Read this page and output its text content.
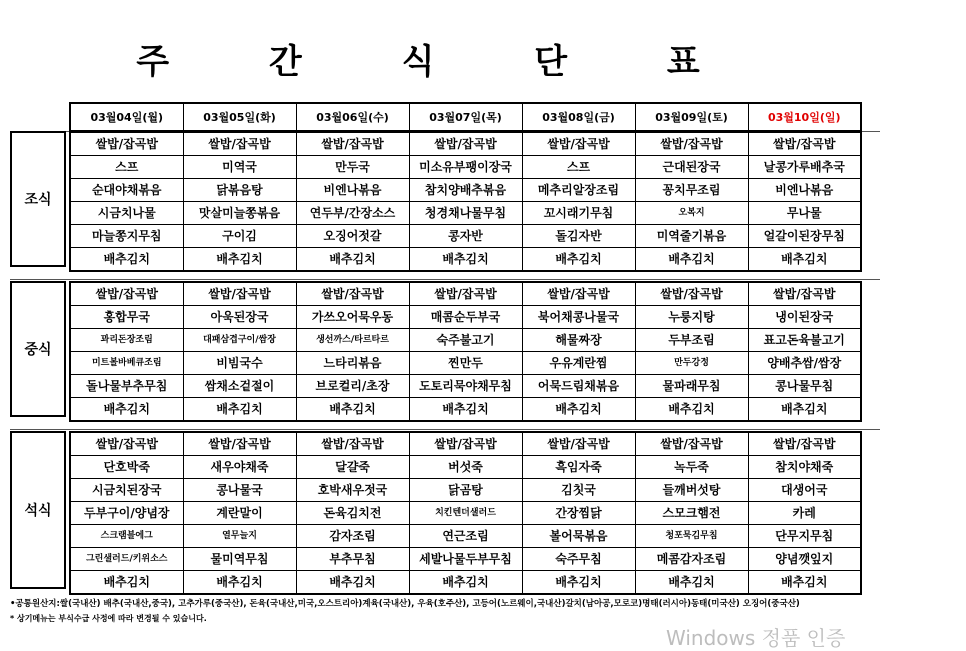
주 간 식 단 표
03월04일(월)	03월05일(화)	03월06일(수)	03월07일(목)	03월08일(금)	03월09일(토)	03월10일(일)
조식
쌀밥/잡곡밥	쌀밥/잡곡밥	쌀밥/잡곡밥	쌀밥/잡곡밥	쌀밥/잡곡밥	쌀밥/잡곡밥	쌀밥/잡곡밥
스프	미역국	만두국	미소유부팽이장국	스프	근대된장국	날콩가루배추국
순대야채볶음	닭볶음탕	비엔나볶음	참치양배추볶음	메추리알장조림	꽁치무조림	비엔나볶음
시금치나물	맛살미늘쫑볶음	연두부/간장소스	청경채나물무침	꼬시래기무침	오복지	무나물
마늘쫑지무침	구이김	오징어젓갈	콩자반	돌김자반	미역줄기볶음	얼갈이된장무침
배추김치	배추김치	배추김치	배추김치	배추김치	배추김치	배추김치
중식
쌀밥/잡곡밥	쌀밥/잡곡밥	쌀밥/잡곡밥	쌀밥/잡곡밥	쌀밥/잡곡밥	쌀밥/잡곡밥	쌀밥/잡곡밥
홍합무국	아욱된장국	가쓰오어묵우동	매콤순두부국	북어채콩나물국	누룽지탕	냉이된장국
꽈리돈장조림	대패삼겹구이/쌈장	생선까스/타르타르	숙주불고기	해물짜장	두부조림	표고돈육불고기
미트볼바베큐조림	비빔국수	느타리볶음	찐만두	우유계란찜	만두강정	양배추쌈/쌈장
돌나물부추무침	쌈채소겉절이	브로컬리/초장	도토리묵야채무침	어묵드림채볶음	물파래무침	콩나물무침
배추김치	배추김치	배추김치	배추김치	배추김치	배추김치	배추김치
석식
쌀밥/잡곡밥	쌀밥/잡곡밥	쌀밥/잡곡밥	쌀밥/잡곡밥	쌀밥/잡곡밥	쌀밥/잡곡밥	쌀밥/잡곡밥
단호박죽	새우야채죽	달걀죽	버섯죽	흑임자죽	녹두죽	참치야채죽
시금치된장국	콩나물국	호박새우젓국	닭곰탕	김칫국	들깨버섯탕	대생어국
두부구이/양념장	계란말이	돈육김치전	치킨텐더샐러드	간장찜닭	스모크햄전	카레
스크램블에그	열무늘지	감자조림	연근조림	볼어묵볶음	청포묵김무침	단무지무침
그린샐러드/키위소스	물미역무침	부추무침	세발나물두부무침	숙주무침	메콤감자조림	양념깻잎지
배추김치	배추김치	배추김치	배추김치	배추김치	배추김치	배추김치
•공통원산지:쌀(국내산) 배추(국내산,중국), 고추가루(중국산), 돈육(국내산,미국,오스트리아)계육(국내산), 우육(호주산), 고등어(노르웨이,국내산)갈치(남아공,모로코)명태(러시아)동태(미국산) 오징어(중국산)
* 상기메뉴는 부식수급 사정에 따라 변경될 수 있습니다.
Windows 정품 인증
